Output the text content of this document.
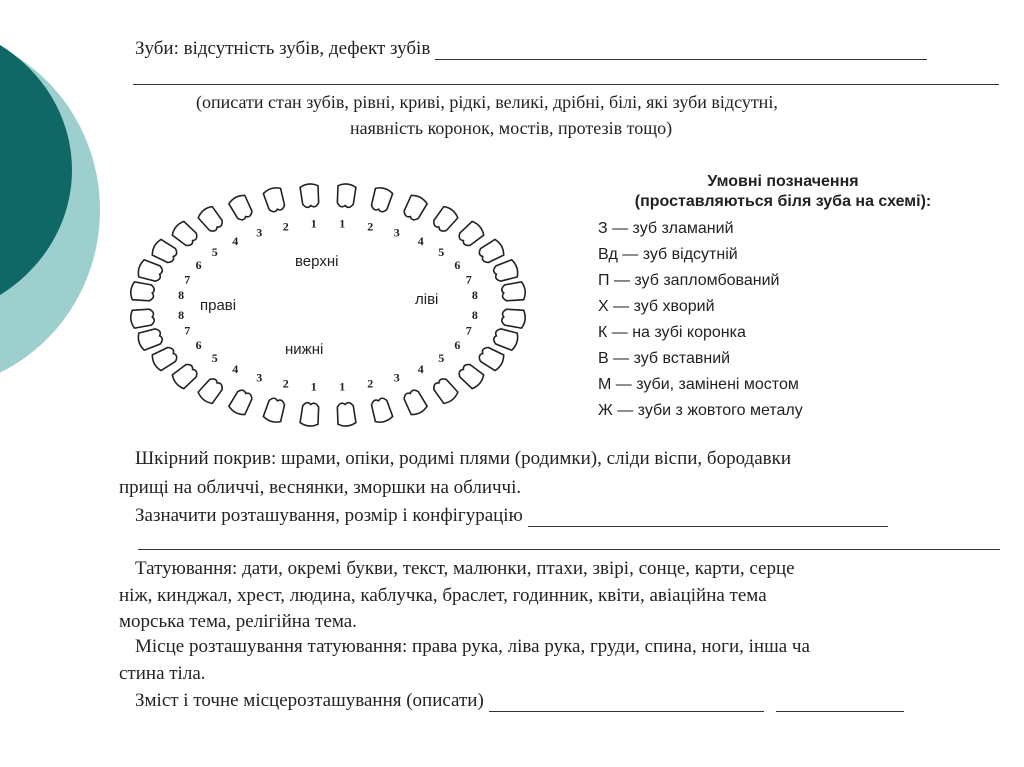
Зуби: відсутність зубів, дефект зубів
(описати стан зубів, рівні, криві, рідкі, великі, дрібні, білі, які зуби відсутні,
наявність коронок, мостів, протезів тощо)
8
7
6
5
4
3 2 1 1 2 3
4
5
6
7
8
8
7
6
5
4
3 2 1 1 2 3
4
5
6
7
8
верхні
нижні
праві	ліві
Умовні позначення
(проставляються біля зуба на схемі):
З — зуб зламаний
Вд — зуб відсутній
П — зуб запломбований
Х — зуб хворий
К — на зубі коронка
В — зуб вставний
М — зуби, замінені мостом
Ж — зуби з жовтого металу
Шкірний покрив: шрами, опіки, родимі плями (родимки), сліди віспи, бородавки
прищі на обличчі, веснянки, зморшки на обличчі.
Зазначити розташування, розмір і конфігурацію
Татуювання: дати, окремі букви, текст, малюнки, птахи, звірі, сонце, карти, серце
ніж, кинджал, хрест, людина, каблучка, браслет, годинник, квіти, авіаційна тема
морська тема, релігійна тема.
Місце розташування татуювання: права рука, ліва рука, груди, спина, ноги, інша ча
стина тіла.
Зміст і точне місцерозташування (описати)
